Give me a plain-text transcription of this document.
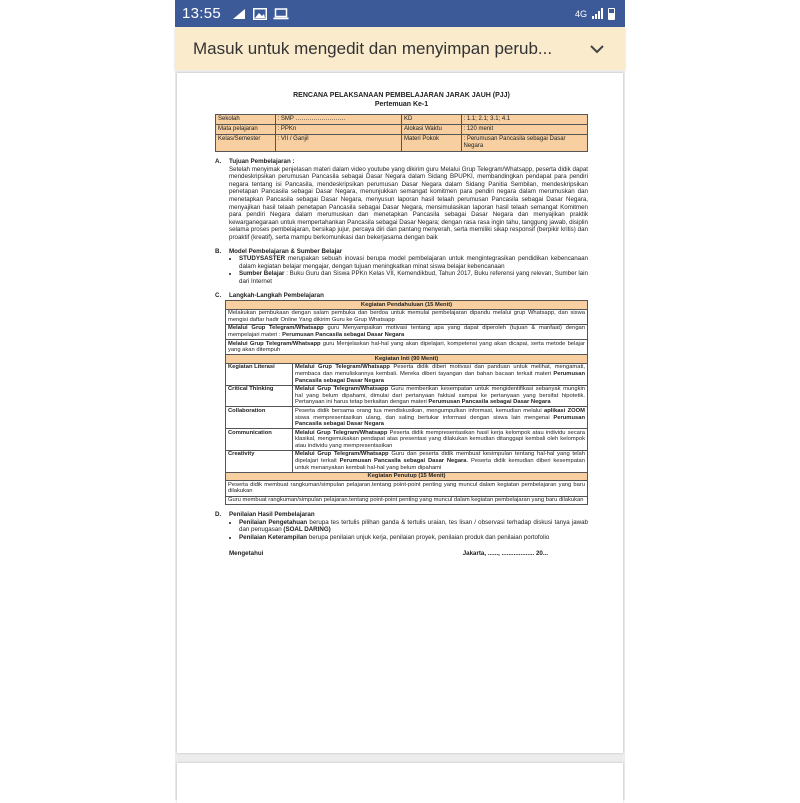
13:55	4G
Masuk untuk mengedit dan menyimpan perub...
RENCANA PELAKSANAAN PEMBELAJARAN JARAK JAUH (PJJ)
Pertemuan Ke-1
Sekolah	: SMP …………………….	KD	: 1.1; 2.1; 3.1; 4.1
Mata pelajaran	: PPKn	Alokasi Waktu	: 120 menit
Kelas/Semester	: VII / Ganjil	Materi Pokok	: Perumusan Pancasila sebagai Dasar Negara
A. Tujuan Pembelajaran :
Setelah menyimak penjelasan materi dalam video youtube yang dikirim guru Melalui Grup Telegram/Whatsapp, peserta didik dapat mendeskripsikan perumusan Pancasila sebagai Dasar Negara dalam Sidang BPUPKI, membandingkan pendapat para pendiri negara tentang isi Pancasila, mendeskripsikan perumusan Dasar Negara dalam Sidang Panitia Sembilan, mendeskripsikan penetapan Pancasila sebagai Dasar Negara, menunjukkan semangat komitmen para pendiri negara dalam merumuskan dan menetapkan Pancasila sebagai Dasar Negara, menyusun laporan hasil telaah perumusan Pancasila sebagai Dasar Negara, menyajikan hasil telaah penetapan Pancasila sebagai Dasar Negara, mensimulasikan laporan hasil telaah semangat Komitmen para pendiri Negara dalam merumuskan dan menetapkan Pancasila sebagai Dasar Negara dan menyajikan praktik kewarganegaraan untuk mempertahankan Pancasila sebagai Dasar Negara; dengan rasa rasa ingin tahu, tanggung jawab, disiplin selama proses pembelajaran, bersikap jujur, percaya diri dan pantang menyerah, serta memiliki sikap responsif (berpikir kritis) dan proaktif (kreatif), serta mampu berkomunikasi dan bekerjasama dengan baik
B. Model Pembelajaran & Sumber Belajar
• STUDYSASTER merupakan sebuah inovasi berupa model pembelajaran untuk mengintegrasikan pendidikan kebencanaan dalam kegiatan belajar mengajar, dengan tujuan meningkatkan minat siswa belajar kebencanaan
• Sumber Belajar : Buku Guru dan Siswa PPKn Kelas VII, Kemendikbud, Tahun 2017, Buku referensi yang relevan, Sumber lain dari Internet
C. Langkah-Langkah Pembelajaran
Kegiatan Pendahuluan (15 Menit)	
Melakukan pembukaan dengan salam pembuka dan berdoa untuk memulai pembelajaran dipandu melalui grup Whatsapp, dan siswa mengisi daftar hadir Online Yang dikirim Guru ke Grup Whatsapp	
Melalui Grup Telegram/Whatsapp guru Menyampaikan motivasi tentang apa yang dapat diperoleh (tujuan & manfaat) dengan mempelajari materi : Perumusan Pancasila sebagai Dasar Negara	
Melalui Grup Telegram/Whatsapp guru Menjelaskan hal-hal yang akan dipelajari, kompetensi yang akan dicapai, serta metode belajar yang akan ditempuh	
Kegiatan Inti (90 Menit)	
Kegiatan Literasi	Melalui Grup Telegram/Whatsapp Peserta didik diberi motivasi dan panduan untuk melihat, mengamati, membaca dan menuliskannya kembali. Mereka diberi tayangan dan bahan bacaan terkait materi Perumusan Pancasila sebagai Dasar Negara
Critical Thinking	Melalui Grup Telegram/Whatsapp Guru memberikan kesempatan untuk mengidentifikasi sebanyak mungkin hal yang belum dipahami, dimulai dari pertanyaan faktual sampai ke pertanyaan yang bersifat hipotetik. Pertanyaan ini harus tetap berkaitan dengan materi Perumusan Pancasila sebagai Dasar Negara
Collaboration	Peserta didik bersama orang tua mendiskusikan, mengumpulkan informasi, kemudian melalui aplikasi ZOOM siswa mempresentasikan ulang, dan saling bertukar informasi dengan siswa lain mengenai Perumusan Pancasila sebagai Dasar Negara
Communication	Melalui Grup Telegram/Whatsapp Peserta didik mempresentasikan hasil kerja kelompok atau individu secara klasikal, mengemukakan pendapat atas presentasi yang dilakukan kemudian ditanggapi kembali oleh kelompok atau individu yang mempresentasikan
Creativity	Melalui Grup Telegram/Whatsapp Guru dan peserta didik membuat kesimpulan tentang hal-hal yang telah dipelajari terkait Perumusan Pancasila sebagai Dasar Negara. Peserta didik kemudian diberi kesempatan untuk menanyakan kembali hal-hal yang belum dipahami
Kegiatan Penutup (15 Menit)	
Peserta didik membuat rangkuman/simpulan pelajaran.tentang point-point penting yang muncul dalam kegiatan pembelajaran yang baru dilakukan	
Guru membuat rangkuman/simpulan pelajaran.tentang point-point penting yang muncul dalam kegiatan pembelajaran yang baru dilakukan	
D. Penilaian Hasil Pembelajaran
• Penilaian Pengetahuan berupa tes tertulis pilihan ganda & tertulis uraian, tes lisan / observasi terhadap diskusi tanya jawab dan penugasan (SOAL DARING)
• Penilaian Keterampilan berupa penilaian unjuk kerja, penilaian proyek, penilaian produk dan penilaian portofolio
Mengetahui	Jakarta, ......, ................... 20...
